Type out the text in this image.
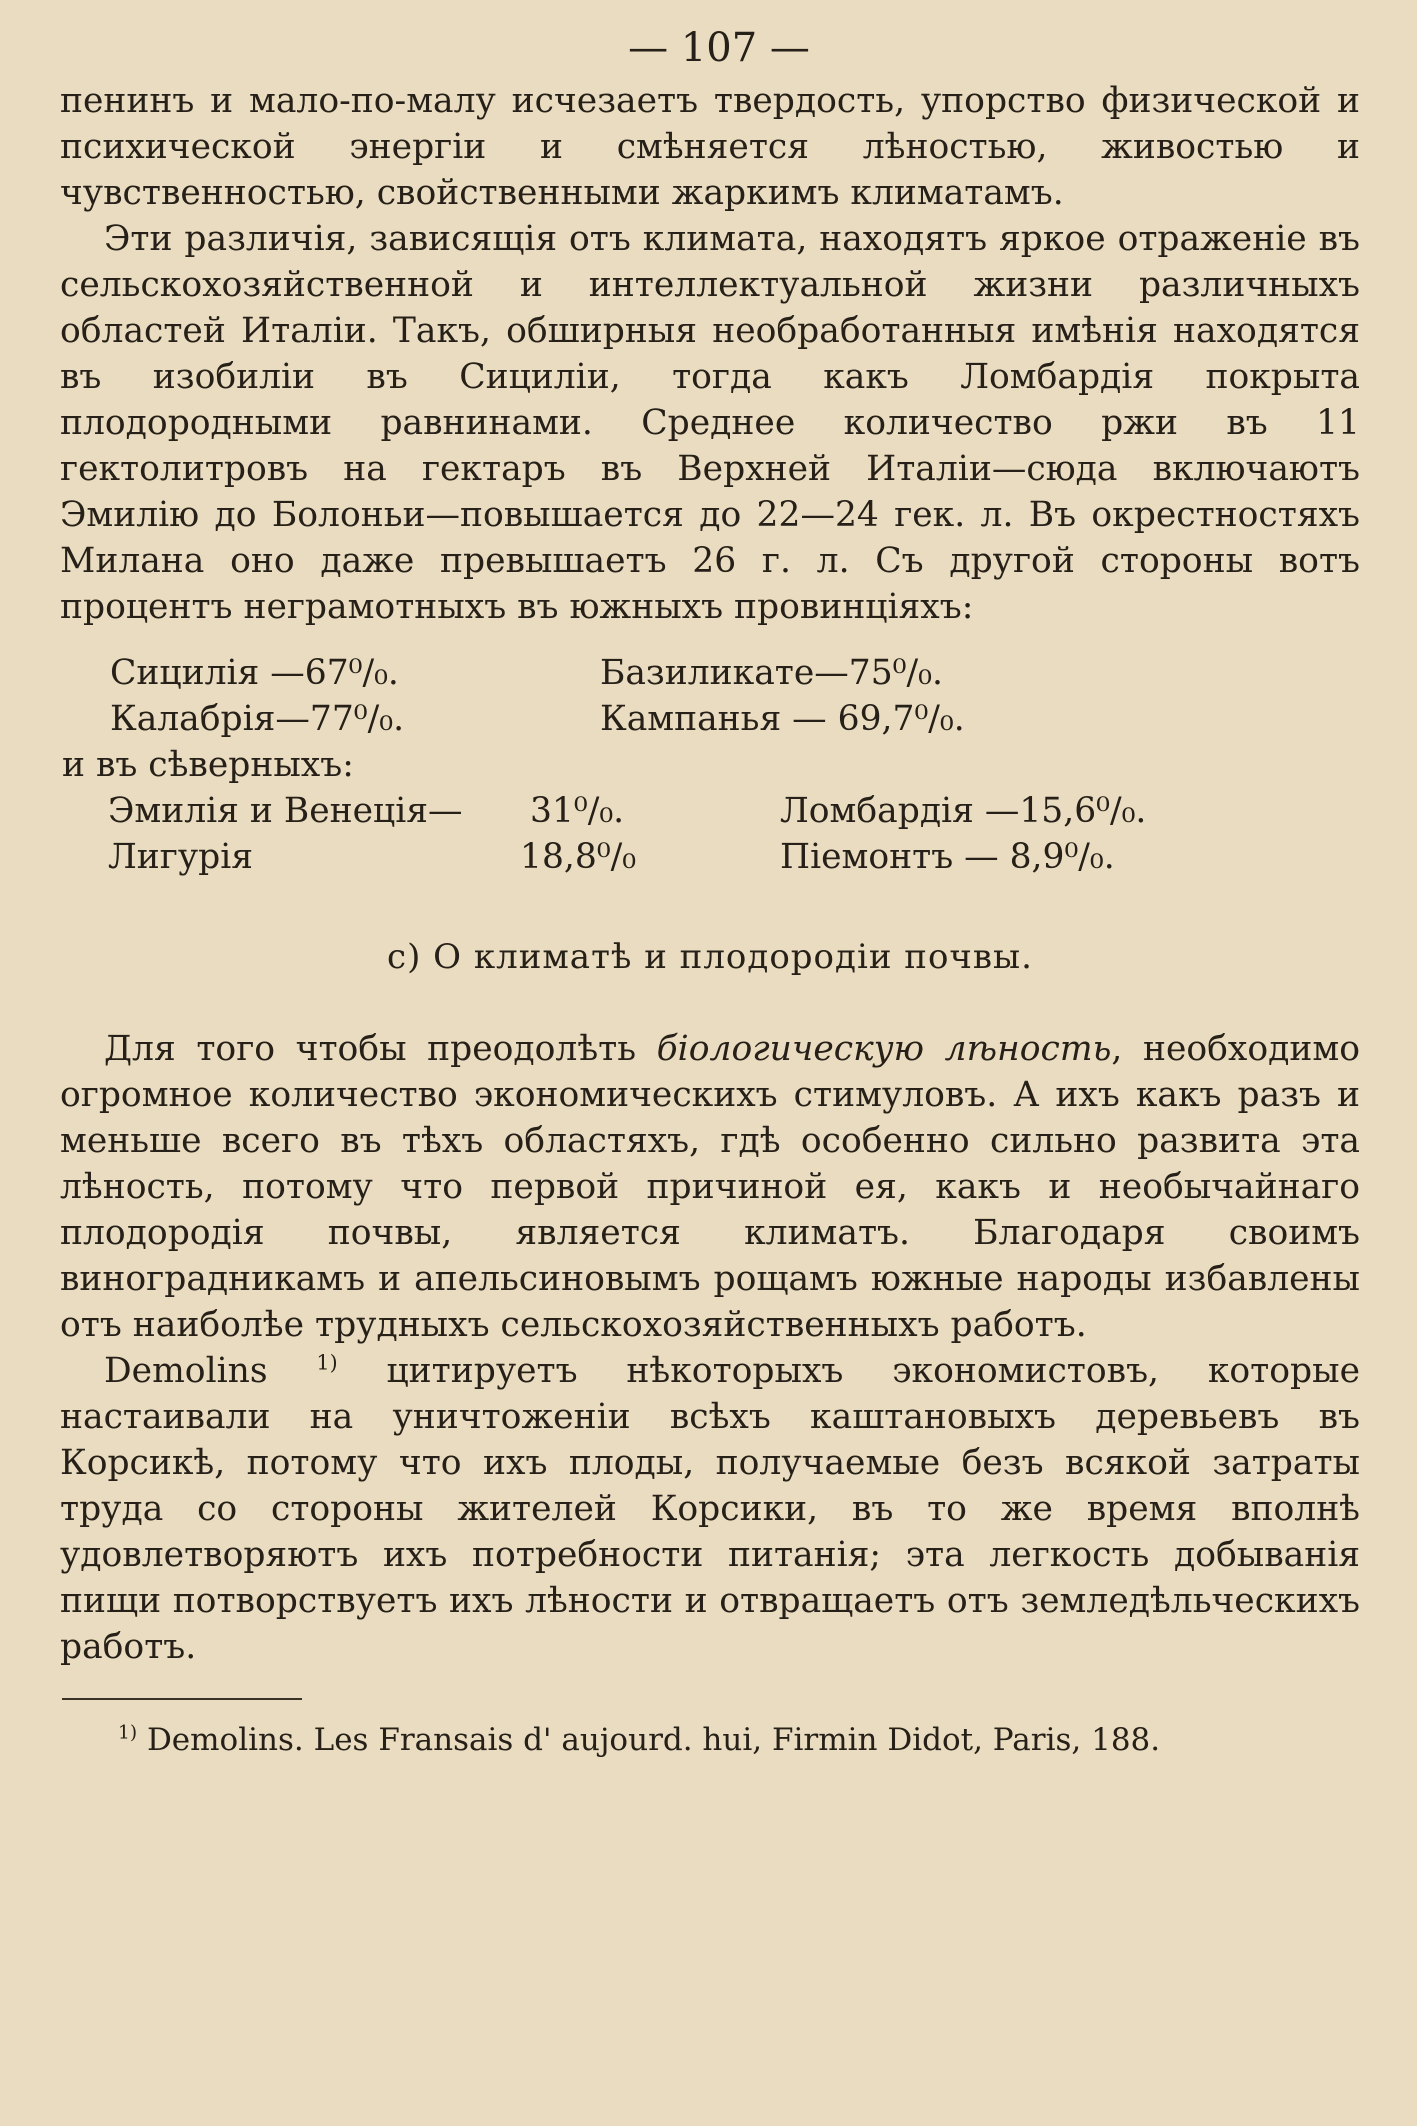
— 107 —

пенинъ и мало-по-малу исчезаетъ твердость, упорство физической и психической энергіи и смѣняется лѣностью, живостью и чувственностью, свойственными жаркимъ климатамъ.

Эти различія, зависящія отъ климата, находятъ яркое отраженіе въ сельскохозяйственной и интеллектуальной жизни различныхъ областей Италіи. Такъ, обширныя необработанныя имѣнія находятся въ изобиліи въ Сициліи, тогда какъ Ломбардія покрыта плодородными равнинами. Среднее количество ржи въ 11 гектолитровъ на гектаръ въ Верхней Италіи—сюда включаютъ Эмилію до Болоньи—повышается до 22—24 гек. л. Въ окрестностяхъ Милана оно даже превышаетъ 26 г. л. Съ другой стороны вотъ процентъ неграмотныхъ въ южныхъ провинціяхъ:

Сицилія —67⁰/₀.	Базиликате—75⁰/₀.
Калабрія—77⁰/₀.	Кампанья — 69,7⁰/₀.
и въ сѣверныхъ:
Эмилія и Венеція— 31⁰/₀.	Ломбардія —15,6⁰/₀.
Лигурія	18,8⁰/₀	Піемонтъ — 8,9⁰/₀.
c) О климатѣ и плодородіи почвы.

Для того чтобы преодолѣть біологическую лѣность, необходимо огромное количество экономическихъ стимуловъ. А ихъ какъ разъ и меньше всего въ тѣхъ областяхъ, гдѣ особенно сильно развита эта лѣность, потому что первой причиной ея, какъ и необычайнаго плодородія почвы, является климатъ. Благодаря своимъ виноградникамъ и апельсиновымъ рощамъ южные народы избавлены отъ наиболѣе трудныхъ сельскохозяйственныхъ работъ.

Demolins $^{1)}$ цитируетъ нѣкоторыхъ экономистовъ, которые настаивали на уничтоженіи всѣхъ каштановыхъ деревьевъ въ Корсикѣ, потому что ихъ плоды, получаемые безъ всякой затраты труда со стороны жителей Корсики, въ то же время вполнѣ удовлетворяютъ ихъ потребности питанія; эта легкость добыванія пищи потворствуетъ ихъ лѣности и отвращаетъ отъ земледѣльческихъ работъ.

$^{1)}$ Demolins. Les Fransais d' aujourd. hui, Firmin Didot, Paris, 188.
